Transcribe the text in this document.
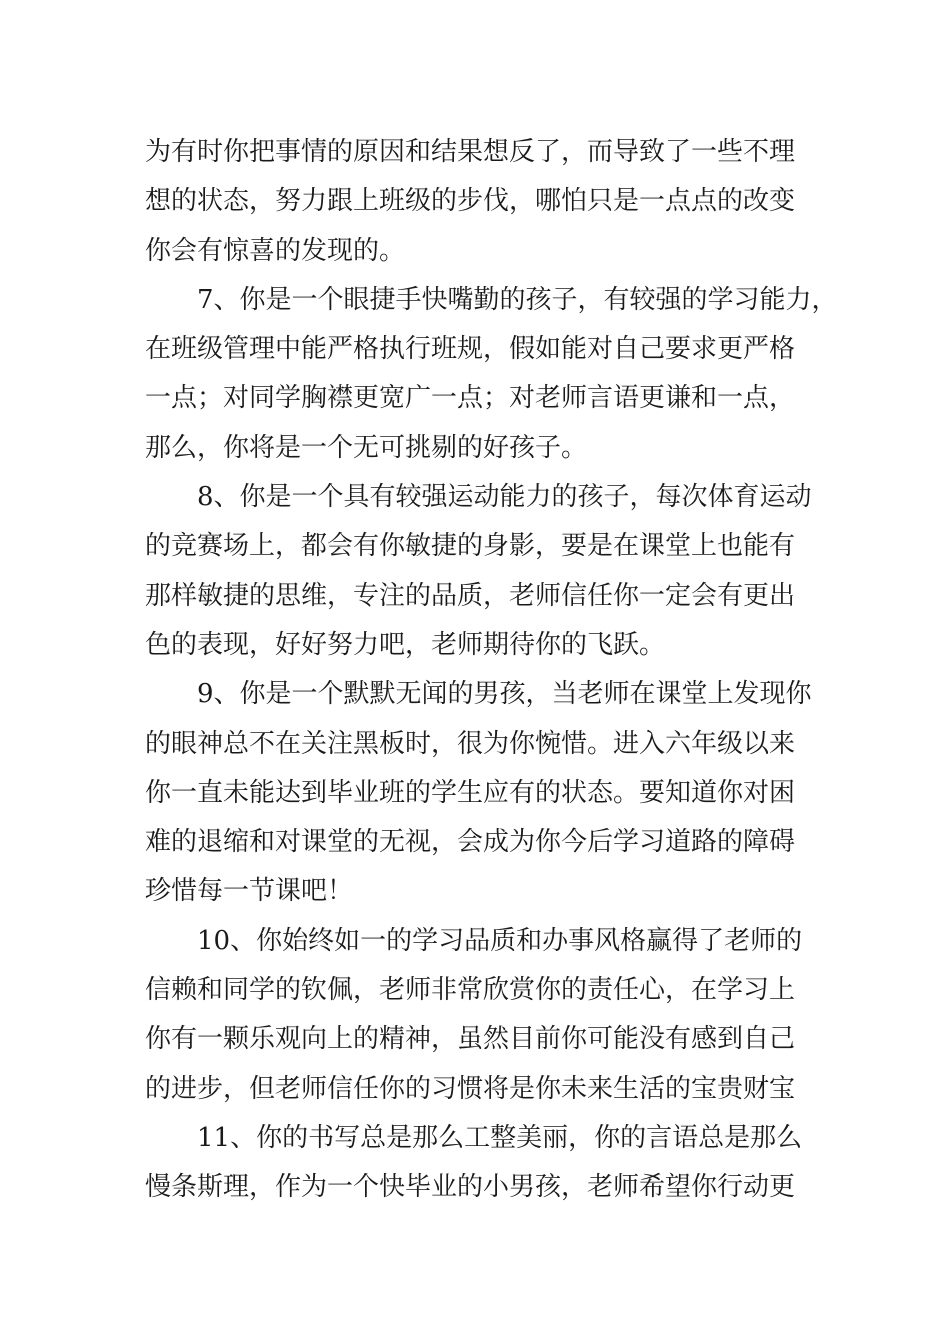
为有时你把事情的原因和结果想反了，而导致了一些不理
想的状态，努力跟上班级的步伐，哪怕只是一点点的改变
你会有惊喜的发现的。
7、你是一个眼捷手快嘴勤的孩子，有较强的学习能力，
在班级管理中能严格执行班规，假如能对自己要求更严格
一点；对同学胸襟更宽广一点；对老师言语更谦和一点，
那么，你将是一个无可挑剔的好孩子。
8、你是一个具有较强运动能力的孩子，每次体育运动
的竞赛场上，都会有你敏捷的身影，要是在课堂上也能有
那样敏捷的思维，专注的品质，老师信任你一定会有更出
色的表现，好好努力吧，老师期待你的飞跃。
9、你是一个默默无闻的男孩，当老师在课堂上发现你
的眼神总不在关注黑板时，很为你惋惜。进入六年级以来
你一直未能达到毕业班的学生应有的状态。要知道你对困
难的退缩和对课堂的无视，会成为你今后学习道路的障碍
珍惜每一节课吧！
10、你始终如一的学习品质和办事风格赢得了老师的
信赖和同学的钦佩，老师非常欣赏你的责任心，在学习上
你有一颗乐观向上的精神，虽然目前你可能没有感到自己
的进步，但老师信任你的习惯将是你未来生活的宝贵财宝
11、你的书写总是那么工整美丽，你的言语总是那么
慢条斯理，作为一个快毕业的小男孩，老师希望你行动更
